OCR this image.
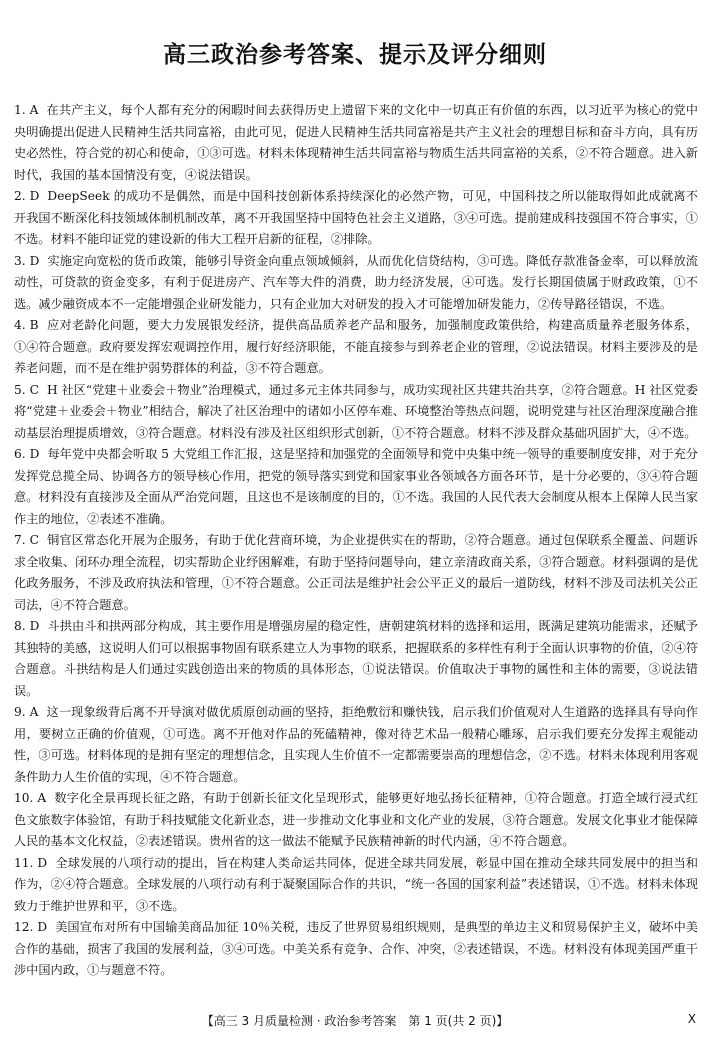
高三政治参考答案、提示及评分细则
1. A 在共产主义，每个人都有充分的闲暇时间去获得历史上遗留下来的文化中一切真正有价值的东西，以习近平为核心的党中央明确提出促进人民精神生活共同富裕，由此可见，促进人民精神生活共同富裕是共产主义社会的理想目标和奋斗方向，具有历史必然性，符合党的初心和使命，①③可选。材料未体现精神生活共同富裕与物质生活共同富裕的关系，②不符合题意。进入新时代，我国的基本国情没有变，④说法错误。
2. D DeepSeek 的成功不是偶然，而是中国科技创新体系持续深化的必然产物，可见，中国科技之所以能取得如此成就离不开我国不断深化科技领域体制机制改革，离不开我国坚持中国特色社会主义道路，③④可选。提前建成科技强国不符合事实，①不选。材料不能印证党的建设新的伟大工程开启新的征程，②排除。
3. D 实施定向宽松的货币政策，能够引导资金向重点领域倾斜，从而优化信贷结构，③可选。降低存款准备金率，可以释放流动性，可贷款的资金变多，有利于促进房产、汽车等大件的消费，助力经济发展，④可选。发行长期国债属于财政政策，①不选。减少融资成本不一定能增强企业研发能力，只有企业加大对研发的投入才可能增加研发能力，②传导路径错误，不选。
4. B 应对老龄化问题，要大力发展银发经济，提供高品质养老产品和服务，加强制度政策供给，构建高质量养老服务体系，①④符合题意。政府要发挥宏观调控作用，履行好经济职能，不能直接参与到养老企业的管理，②说法错误。材料主要涉及的是养老问题，而不是在维护弱势群体的利益，③不符合题意。
5. C H 社区“党建＋业委会＋物业”治理模式，通过多元主体共同参与，成功实现社区共建共治共享，②符合题意。H 社区党委将“党建＋业委会＋物业”相结合，解决了社区治理中的诸如小区停车难、环境整治等热点问题，说明党建与社区治理深度融合推动基层治理提质增效，③符合题意。材料没有涉及社区组织形式创新，①不符合题意。材料不涉及群众基础巩固扩大，④不选。
6. D 每年党中央都会听取 5 大党组工作汇报，这是坚持和加强党的全面领导和党中央集中统一领导的重要制度安排，对于充分发挥党总揽全局、协调各方的领导核心作用，把党的领导落实到党和国家事业各领域各方面各环节，是十分必要的，③④符合题意。材料没有直接涉及全面从严治党问题，且这也不是该制度的目的，①不选。我国的人民代表大会制度从根本上保障人民当家作主的地位，②表述不准确。
7. C 铜官区常态化开展为企服务，有助于优化营商环境，为企业提供实在的帮助，②符合题意。通过包保联系全覆盖、问题诉求全收集、闭环办理全流程，切实帮助企业纾困解难，有助于坚持问题导向，建立亲清政商关系，③符合题意。材料强调的是优化政务服务，不涉及政府执法和管理，①不符合题意。公正司法是维护社会公平正义的最后一道防线，材料不涉及司法机关公正司法，④不符合题意。
8. D 斗拱由斗和拱两部分构成，其主要作用是增强房屋的稳定性，唐朝建筑材料的选择和运用，既满足建筑功能需求，还赋予其独特的美感，这说明人们可以根据事物固有联系建立人为事物的联系，把握联系的多样性有利于全面认识事物的价值，②④符合题意。斗拱结构是人们通过实践创造出来的物质的具体形态，①说法错误。价值取决于事物的属性和主体的需要，③说法错误。
9. A 这一现象级背后离不开导演对做优质原创动画的坚持，拒绝敷衍和赚快钱，启示我们价值观对人生道路的选择具有导向作用，要树立正确的价值观，①可选。离不开他对作品的死磕精神，像对待艺术品一般精心雕琢，启示我们要充分发挥主观能动性，③可选。材料体现的是拥有坚定的理想信念，且实现人生价值不一定都需要崇高的理想信念，②不选。材料未体现利用客观条件助力人生价值的实现，④不符合题意。
10. A 数字化全景再现长征之路，有助于创新长征文化呈现形式，能够更好地弘扬长征精神，①符合题意。打造全域行浸式红色文旅数字体验馆，有助于科技赋能文化新业态，进一步推动文化事业和文化产业的发展，③符合题意。发展文化事业才能保障人民的基本文化权益，②表述错误。贵州省的这一做法不能赋予民族精神新的时代内涵，④不符合题意。
11. D 全球发展的八项行动的提出，旨在构建人类命运共同体，促进全球共同发展，彰显中国在推动全球共同发展中的担当和作为，②④符合题意。全球发展的八项行动有利于凝聚国际合作的共识，“统一各国的国家利益”表述错误，①不选。材料未体现致力于维护世界和平，③不选。
12. D 美国宣布对所有中国输美商品加征 10％关税，违反了世界贸易组织规则，是典型的单边主义和贸易保护主义，破坏中美合作的基础，损害了我国的发展利益，③④可选。中美关系有竞争、合作、冲突，②表述错误，不选。材料没有体现美国严重干涉中国内政，①与题意不符。
【高三 3 月质量检测 · 政治参考答案　第 1 页(共 2 页)】	X
